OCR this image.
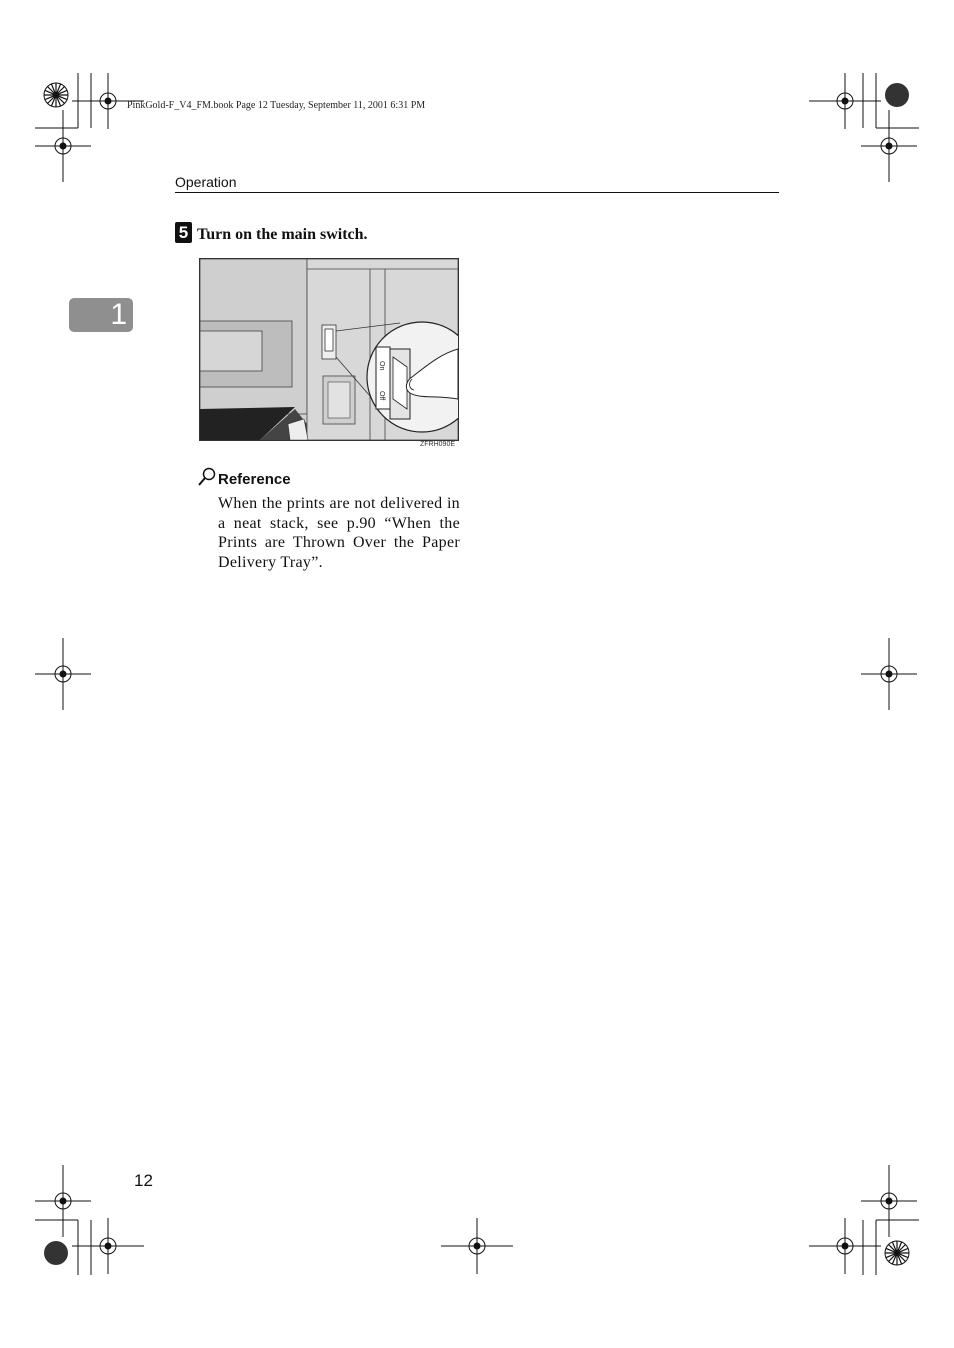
PinkGold-F_V4_FM.book Page 12 Tuesday, September 11, 2001 6:31 PM
Operation
1
5 Turn on the main switch.
On
Off
ZFRH090E
Reference
When the prints are not delivered in a neat stack, see p.90 “When the Prints are Thrown Over the Paper Delivery Tray”.
12
